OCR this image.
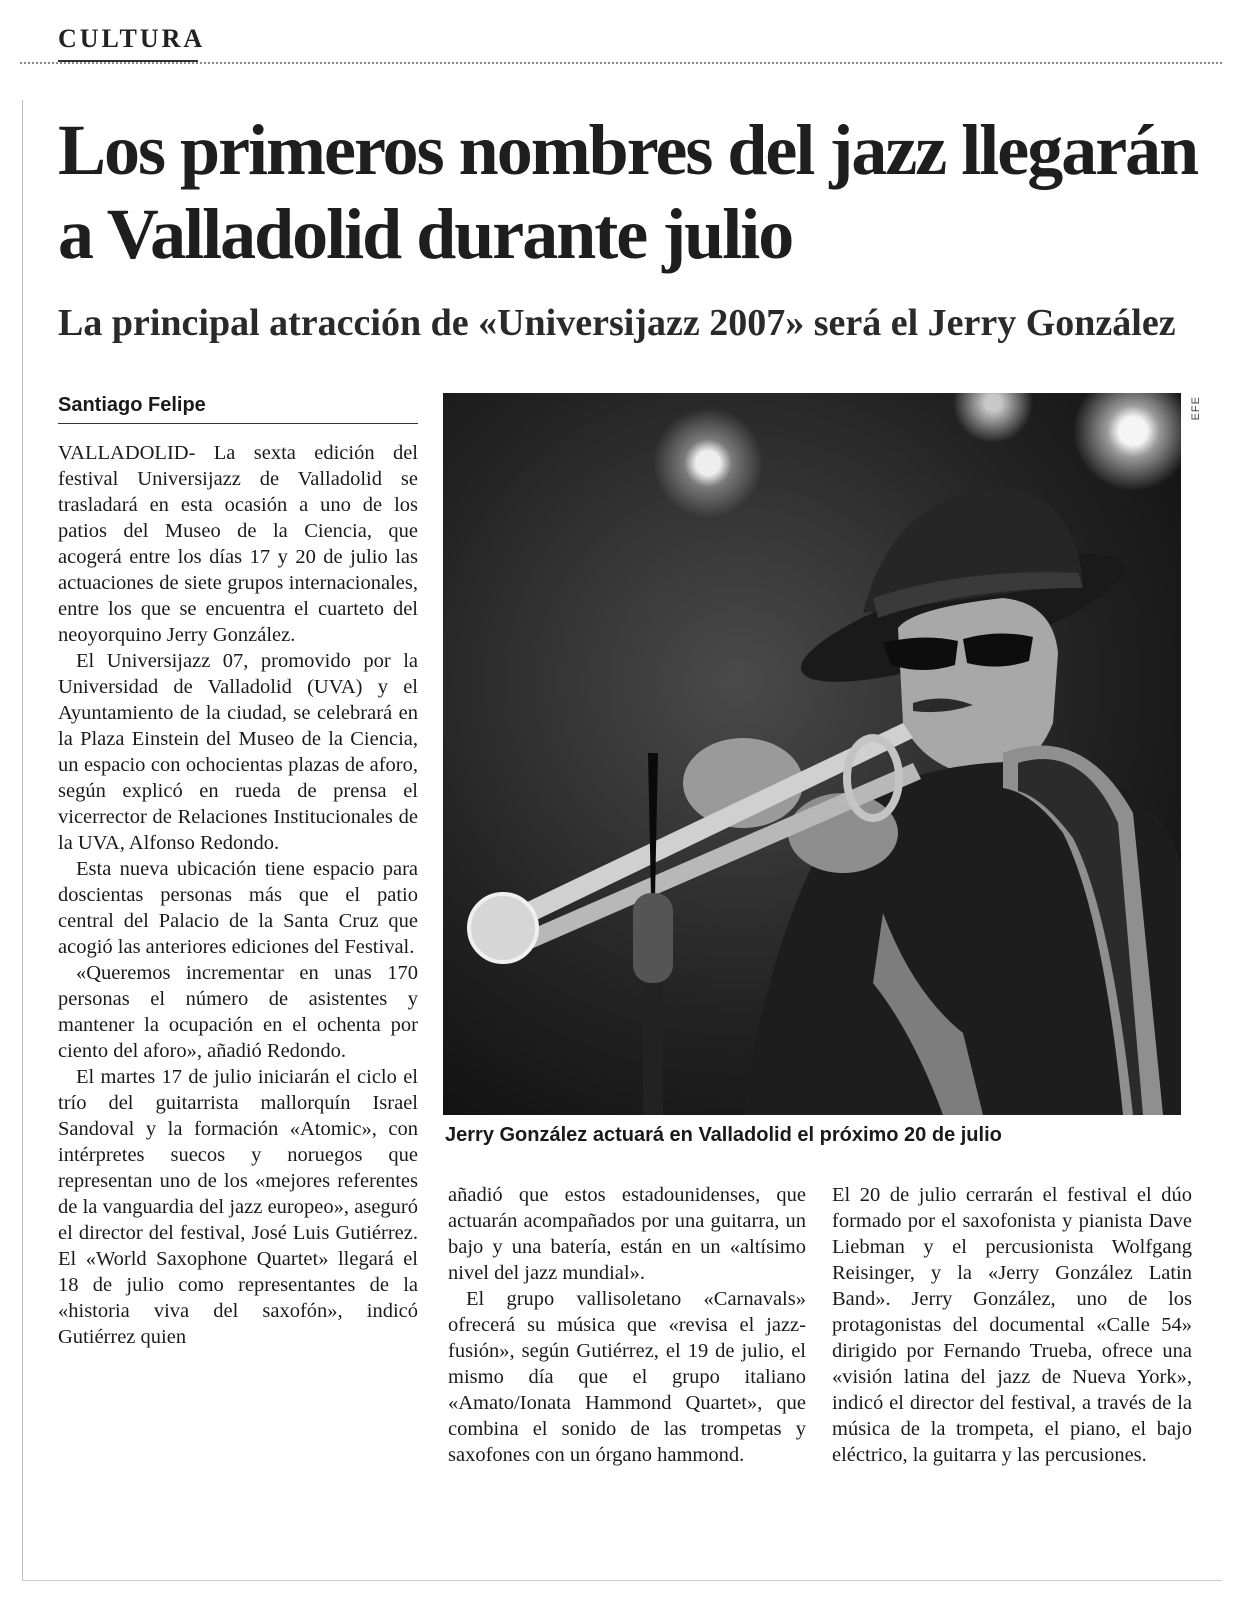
CULTURA
Los primeros nombres del jazz llegarán a Valladolid durante julio
La principal atracción de «Universijazz 2007» será el Jerry González
Santiago Felipe

VALLADOLID- La sexta edición del festival Universijazz de Valladolid se trasladará en esta ocasión a uno de los patios del Museo de la Ciencia, que acogerá entre los días 17 y 20 de julio las actuaciones de siete grupos internacionales, entre los que se encuentra el cuarteto del neoyorquino Jerry González.

El Universijazz 07, promovido por la Universidad de Valladolid (UVA) y el Ayuntamiento de la ciudad, se celebrará en la Plaza Einstein del Museo de la Ciencia, un espacio con ochocientas plazas de aforo, según explicó en rueda de prensa el vicerrector de Relaciones Institucionales de la UVA, Alfonso Redondo.

Esta nueva ubicación tiene espacio para doscientas personas más que el patio central del Palacio de la Santa Cruz que acogió las anteriores ediciones del Festival.

«Queremos incrementar en unas 170 personas el número de asistentes y mantener la ocupación en el ochenta por ciento del aforo», añadió Redondo.

El martes 17 de julio iniciarán el ciclo el trío del guitarrista mallorquín Israel Sandoval y la formación «Atomic», con intérpretes suecos y noruegos que representan uno de los «mejores referentes de la vanguardia del jazz europeo», aseguró el director del festival, José Luis Gutiérrez. El «World Saxophone Quartet» llegará el 18 de julio como representantes de la «historia viva del saxofón», indicó Gutiérrez quien

EFE
Jerry González actuará en Valladolid el próximo 20 de julio

añadió que estos estadounidenses, que actuarán acompañados por una guitarra, un bajo y una batería, están en un «altísimo nivel del jazz mundial».

El grupo vallisoletano «Carnavals» ofrecerá su música que «revisa el jazz-fusión», según Gutiérrez, el 19 de julio, el mismo día que el grupo italiano «Amato/Ionata Hammond Quartet», que combina el sonido de las trompetas y saxofones con un órgano hammond.

El 20 de julio cerrarán el festival el dúo formado por el saxofonista y pianista Dave Liebman y el percusionista Wolfgang Reisinger, y la «Jerry González Latin Band». Jerry González, uno de los protagonistas del documental «Calle 54» dirigido por Fernando Trueba, ofrece una «visión latina del jazz de Nueva York», indicó el director del festival, a través de la música de la trompeta, el piano, el bajo eléctrico, la guitarra y las percusiones.
